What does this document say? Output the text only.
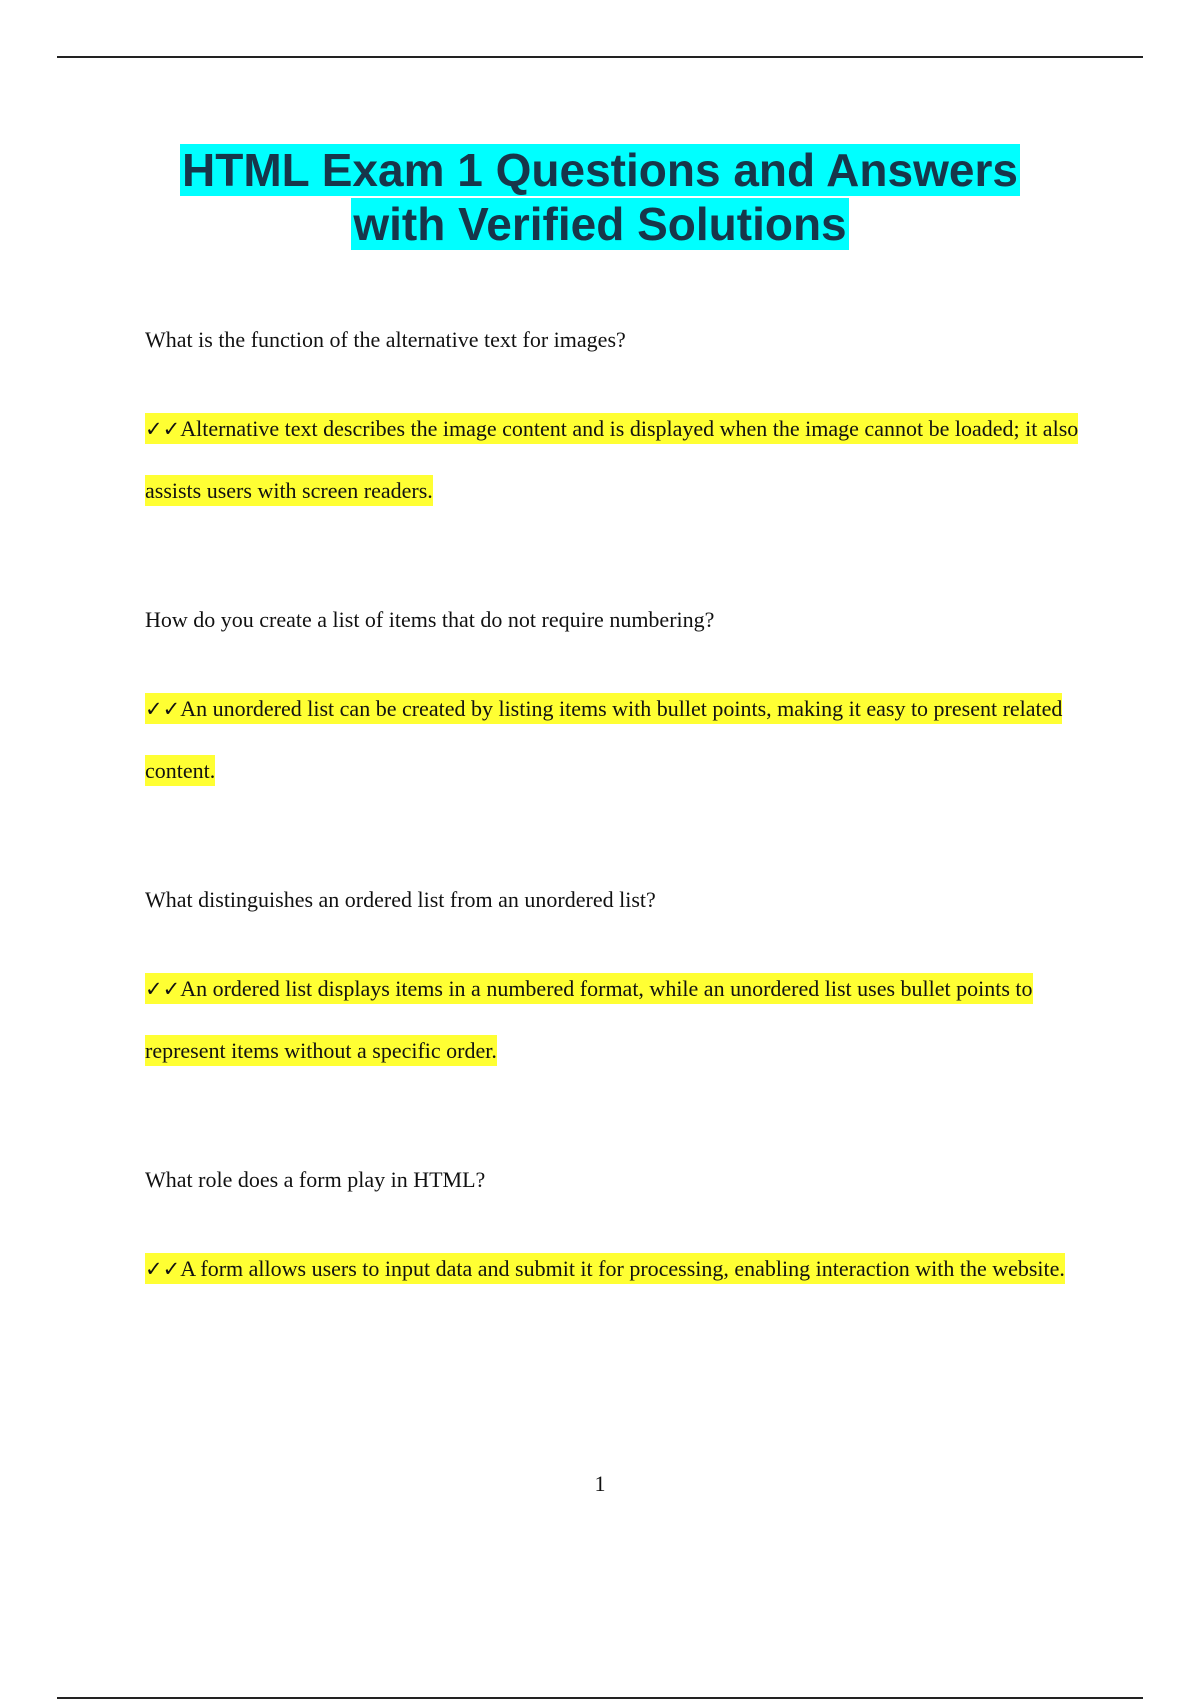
HTML Exam 1 Questions and Answers
with Verified Solutions

What is the function of the alternative text for images?

✓✓Alternative text describes the image content and is displayed when the image cannot be loaded; it also assists users with screen readers.

How do you create a list of items that do not require numbering?

✓✓An unordered list can be created by listing items with bullet points, making it easy to present related content.

What distinguishes an ordered list from an unordered list?

✓✓An ordered list displays items in a numbered format, while an unordered list uses bullet points to represent items without a specific order.

What role does a form play in HTML?

✓✓A form allows users to input data and submit it for processing, enabling interaction with the website.

1
